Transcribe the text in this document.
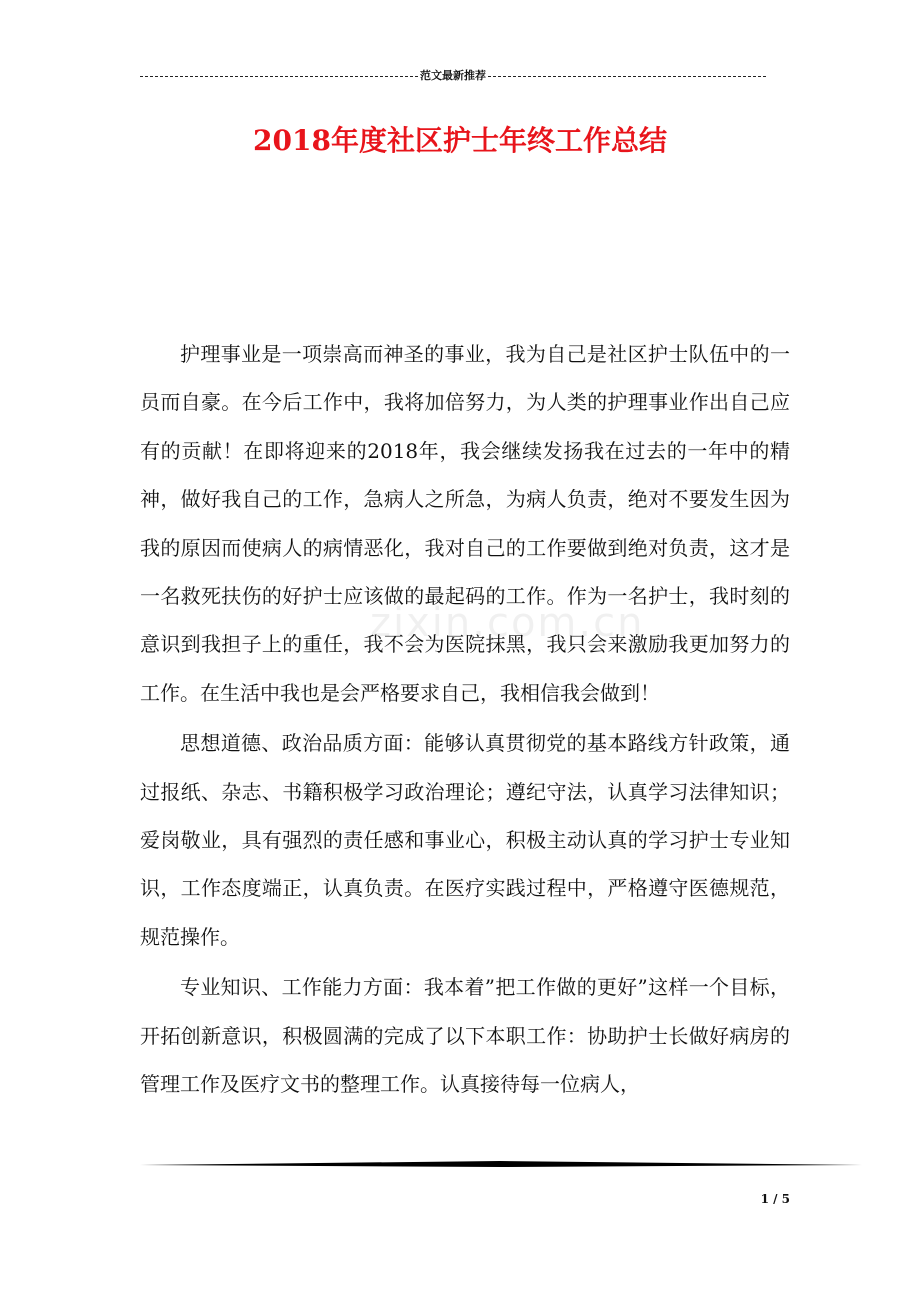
范文最新推荐
2018年度社区护士年终工作总结
zixin.com.cn

护理事业是一项崇高而神圣的事业，我为自己是社区护士队伍中的一员而自豪。在今后工作中，我将加倍努力，为人类的护理事业作出自己应有的贡献！在即将迎来的2018年，我会继续发扬我在过去的一年中的精神，做好我自己的工作，急病人之所急，为病人负责，绝对不要发生因为我的原因而使病人的病情恶化，我对自己的工作要做到绝对负责，这才是一名救死扶伤的好护士应该做的最起码的工作。作为一名护士，我时刻的意识到我担子上的重任，我不会为医院抹黑，我只会来激励我更加努力的工作。在生活中我也是会严格要求自己，我相信我会做到！

思想道德、政治品质方面：能够认真贯彻党的基本路线方针政策，通过报纸、杂志、书籍积极学习政治理论；遵纪守法，认真学习法律知识；爱岗敬业，具有强烈的责任感和事业心，积极主动认真的学习护士专业知识，工作态度端正，认真负责。在医疗实践过程中，严格遵守医德规范，规范操作。

专业知识、工作能力方面：我本着”把工作做的更好”这样一个目标，开拓创新意识，积极圆满的完成了以下本职工作：协助护士长做好病房的管理工作及医疗文书的整理工作。认真接待每一位病人，

1 / 5
